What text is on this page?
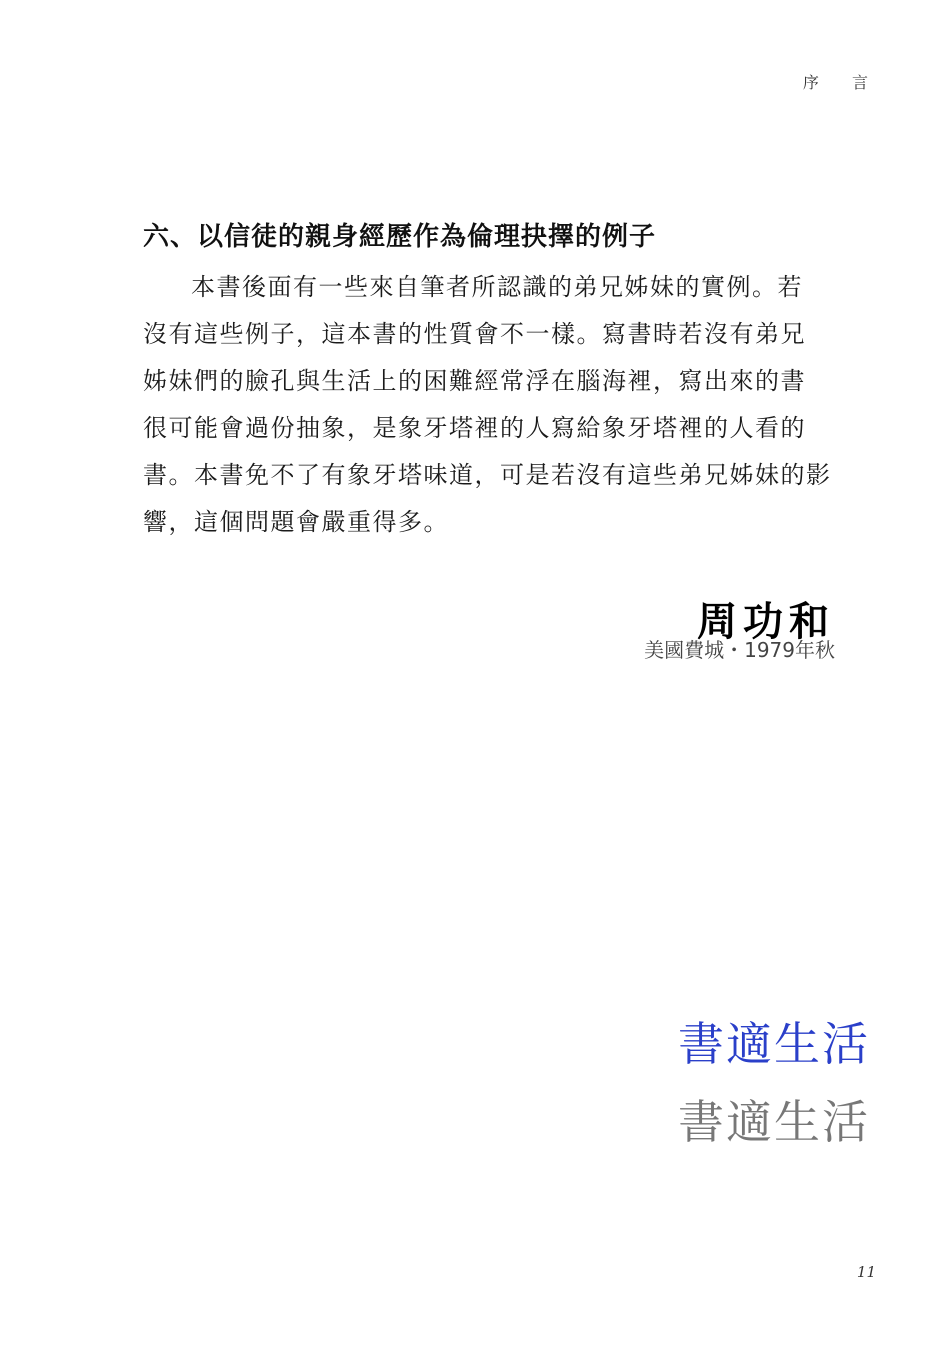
序 言
六、以信徒的親身經歷作為倫理抉擇的例子
本書後面有一些來自筆者所認識的弟兄姊妹的實例。若
沒有這些例子，這本書的性質會不一樣。寫書時若沒有弟兄
姊妹們的臉孔與生活上的困難經常浮在腦海裡，寫出來的書
很可能會過份抽象，是象牙塔裡的人寫給象牙塔裡的人看的
書。本書免不了有象牙塔味道，可是若沒有這些弟兄姊妹的影
響，這個問題會嚴重得多。
周功和
美國費城・1979年秋
書適生活
書適生活
11
